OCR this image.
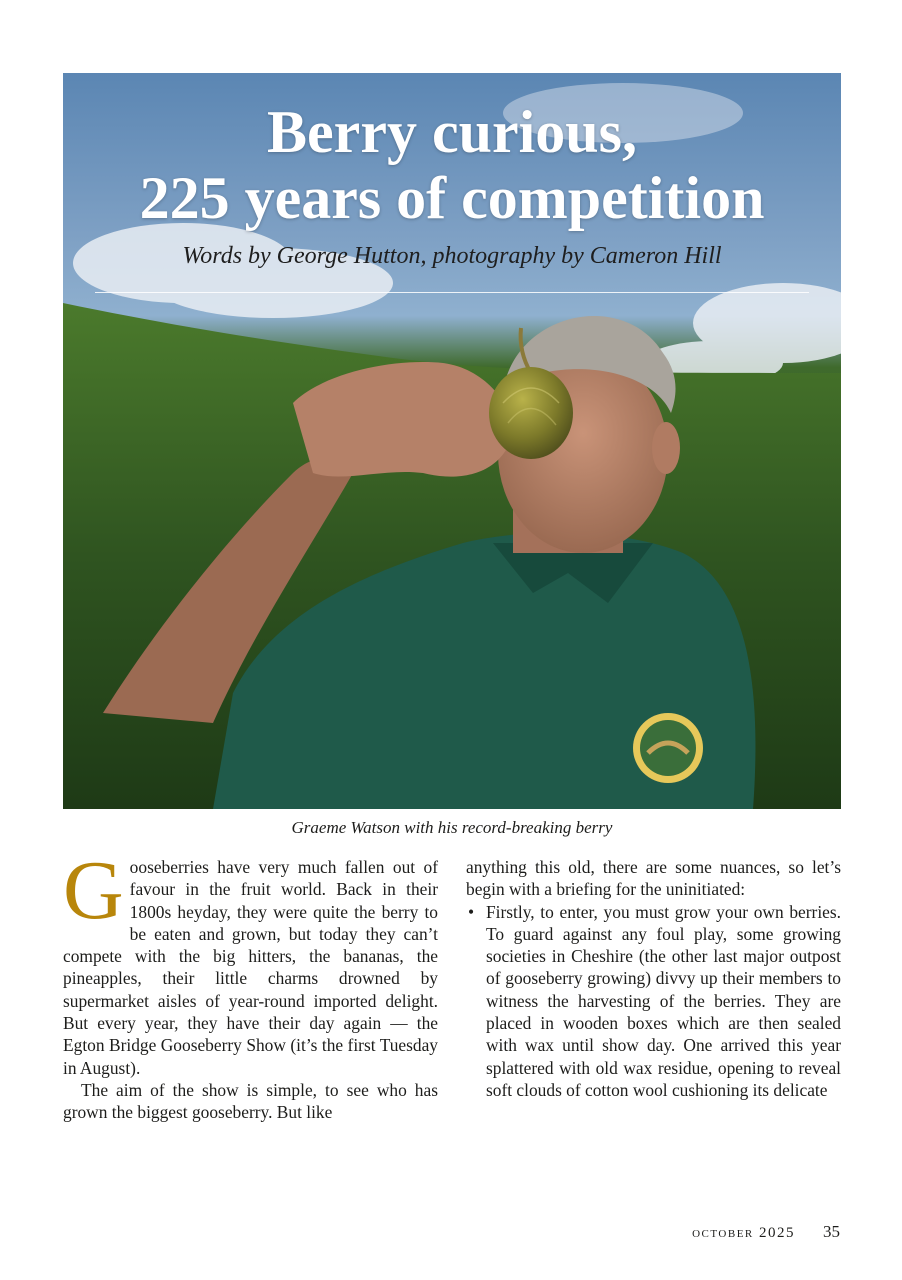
Berry curious,
225 years of competition
Words by George Hutton, photography by Cameron Hill
Graeme Watson with his record-breaking berry

Gooseberries have very much fallen out of favour in the fruit world. Back in their 1800s heyday, they were quite the berry to be eaten and grown, but today they can’t compete with the big hitters, the bananas, the pineapples, their little charms drowned by supermarket aisles of year-round imported delight. But every year, they have their day again — the Egton Bridge Gooseberry Show (it’s the first Tuesday in August).

The aim of the show is simple, to see who has grown the biggest gooseberry. But like

anything this old, there are some nuances, so let’s begin with a briefing for the uninitiated:

• Firstly, to enter, you must grow your own berries. To guard against any foul play, some growing societies in Cheshire (the other last major outpost of gooseberry growing) divvy up their members to witness the harvesting of the berries. They are placed in wooden boxes which are then sealed with wax until show day. One arrived this year splattered with old wax residue, opening to reveal soft clouds of cotton wool cushioning its delicate

october 2025 35
